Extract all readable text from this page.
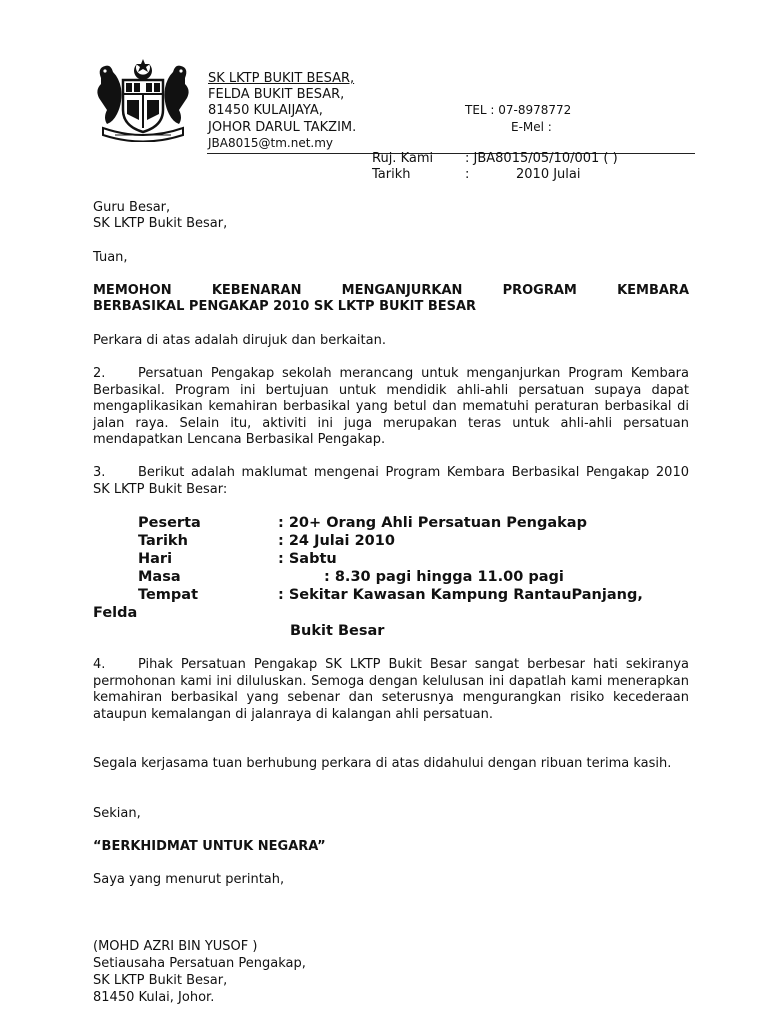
SK LKTP BUKIT BESAR,
FELDA BUKIT BESAR,
81450 KULAIJAYA,
JOHOR DARUL TAKZIM.
JBA8015@tm.net.my
TEL : 07-8978772
E-Mel :
Ruj. Kami : JBA8015/05/10/001 ( )
Tarikh	:	2010 Julai
Guru Besar,
SK LKTP Bukit Besar,
Tuan,
MEMOHON KEBENARAN MENGANJURKAN PROGRAM KEMBARA
BERBASIKAL PENGAKAP 2010 SK LKTP BUKIT BESAR
Perkara di atas adalah dirujuk dan berkaitan.
2.	Persatuan Pengakap sekolah merancang untuk menganjurkan Program Kembara Berbasikal. Program ini bertujuan untuk mendidik ahli-ahli persatuan supaya dapat mengaplikasikan kemahiran berbasikal yang betul dan mematuhi peraturan berbasikal di jalan raya. Selain itu, aktiviti ini juga merupakan teras untuk ahli-ahli persatuan mendapatkan Lencana Berbasikal Pengakap.
3.	Berikut adalah maklumat mengenai Program Kembara Berbasikal Pengakap 2010 SK LKTP Bukit Besar:
Peserta	: 20+ Orang Ahli Persatuan Pengakap
Tarikh	: 24 Julai 2010
Hari	: Sabtu
Masa	: 8.30 pagi hingga 11.00 pagi
Tempat	: Sekitar Kawasan Kampung RantauPanjang,
Felda
Bukit Besar
4.	Pihak Persatuan Pengakap SK LKTP Bukit Besar sangat berbesar hati sekiranya permohonan kami ini diluluskan. Semoga dengan kelulusan ini dapatlah kami menerapkan kemahiran berbasikal yang sebenar dan seterusnya mengurangkan risiko kecederaan ataupun kemalangan di jalanraya di kalangan ahli persatuan.
Segala kerjasama tuan berhubung perkara di atas didahului dengan ribuan terima kasih.
Sekian,
“BERKHIDMAT UNTUK NEGARA”
Saya yang menurut perintah,
(MOHD AZRI BIN YUSOF )
Setiausaha Persatuan Pengakap,
SK LKTP Bukit Besar,
81450 Kulai, Johor.
